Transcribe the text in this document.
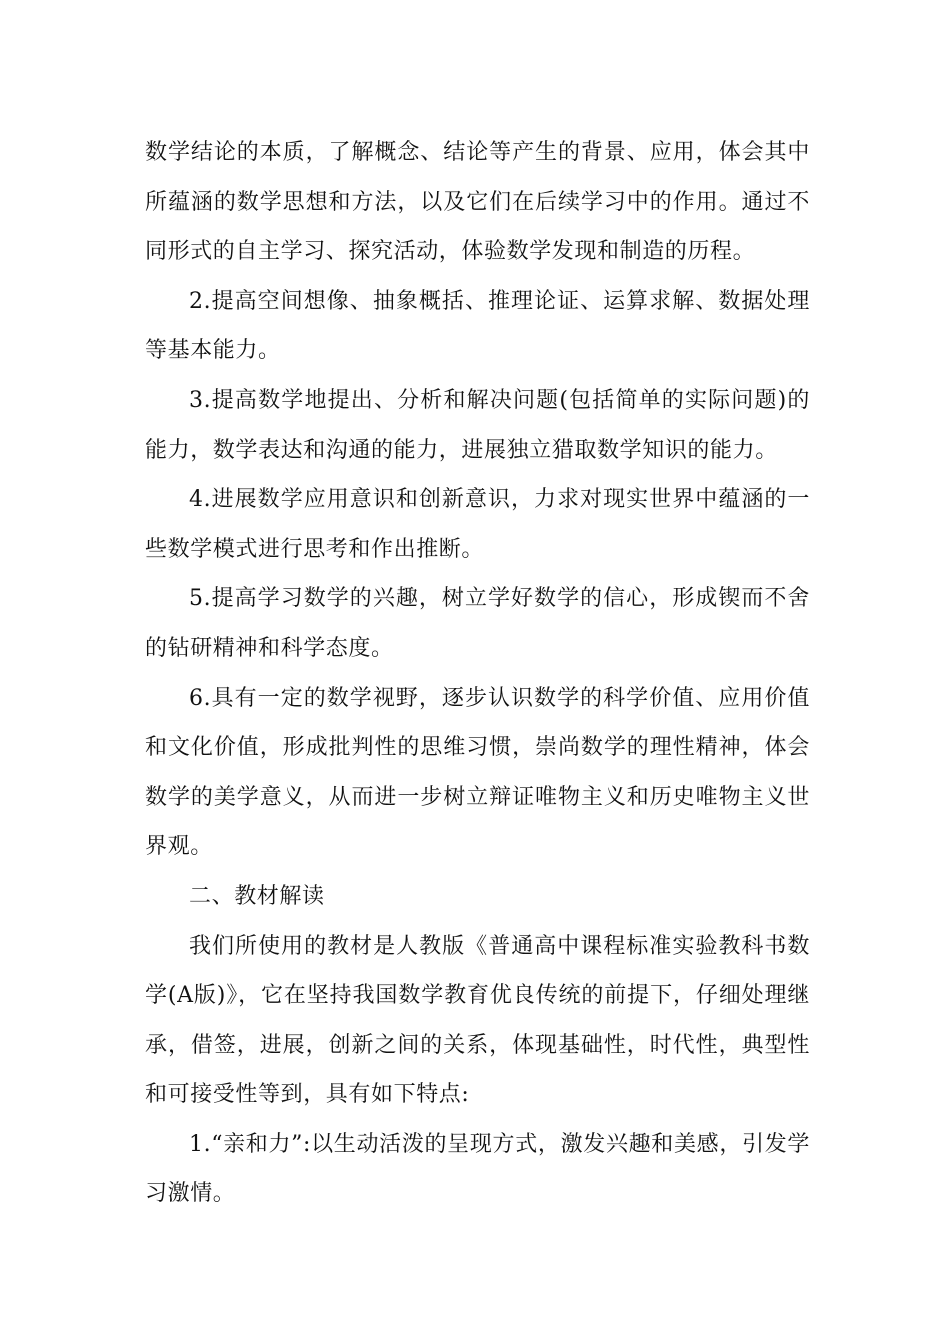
数学结论的本质，了解概念、结论等产生的背景、应用，体会其中所蕴涵的数学思想和方法，以及它们在后续学习中的作用。通过不同形式的自主学习、探究活动，体验数学发现和制造的历程。

2.提高空间想像、抽象概括、推理论证、运算求解、数据处理等基本能力。

3.提高数学地提出、分析和解决问题(包括简单的实际问题)的能力，数学表达和沟通的能力，进展独立猎取数学知识的能力。

4.进展数学应用意识和创新意识，力求对现实世界中蕴涵的一些数学模式进行思考和作出推断。

5.提高学习数学的兴趣，树立学好数学的信心，形成锲而不舍的钻研精神和科学态度。

6.具有一定的数学视野，逐步认识数学的科学价值、应用价值和文化价值，形成批判性的思维习惯，崇尚数学的理性精神，体会数学的美学意义，从而进一步树立辩证唯物主义和历史唯物主义世界观。

二、教材解读

我们所使用的教材是人教版《普通高中课程标准实验教科书数学(A版)》，它在坚持我国数学教育优良传统的前提下，仔细处理继承，借签，进展，创新之间的关系，体现基础性，时代性，典型性和可接受性等到，具有如下特点:

1.“亲和力”:以生动活泼的呈现方式，激发兴趣和美感，引发学习激情。
